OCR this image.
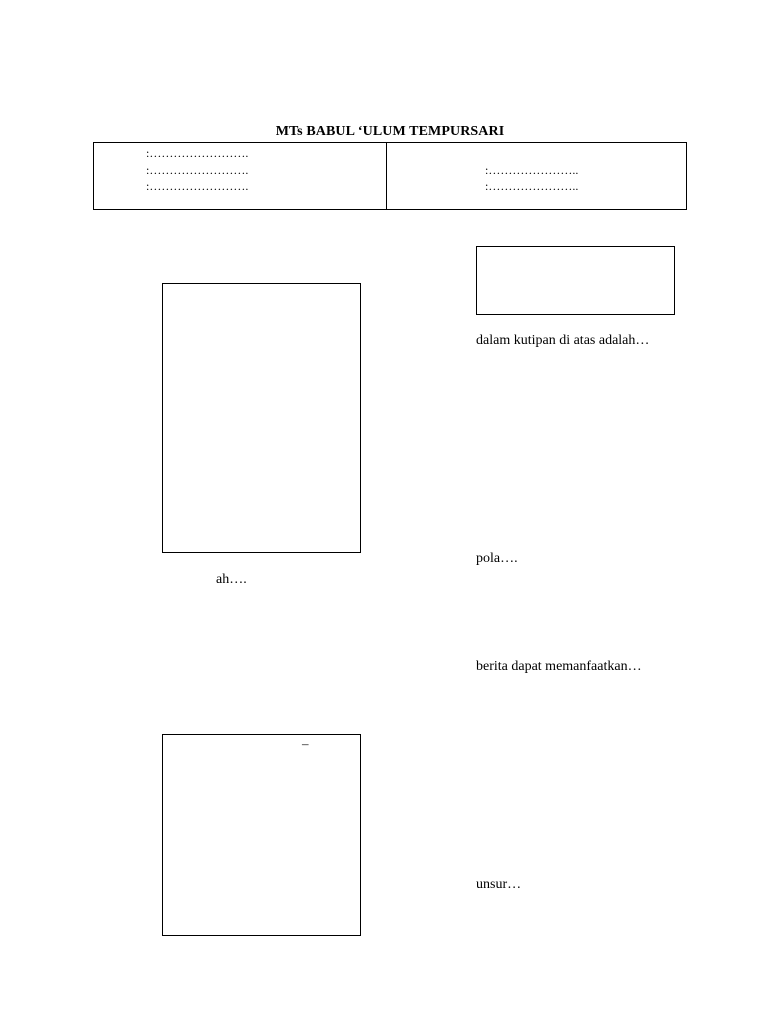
MTs BABUL ‘ULUM TEMPURSARI
:…………………….
:…………………….
:…………………….
:…………………..
:…………………..
dalam kutipan di atas adalah…
pola….
ah….
berita dapat memanfaatkan…
–
unsur…
